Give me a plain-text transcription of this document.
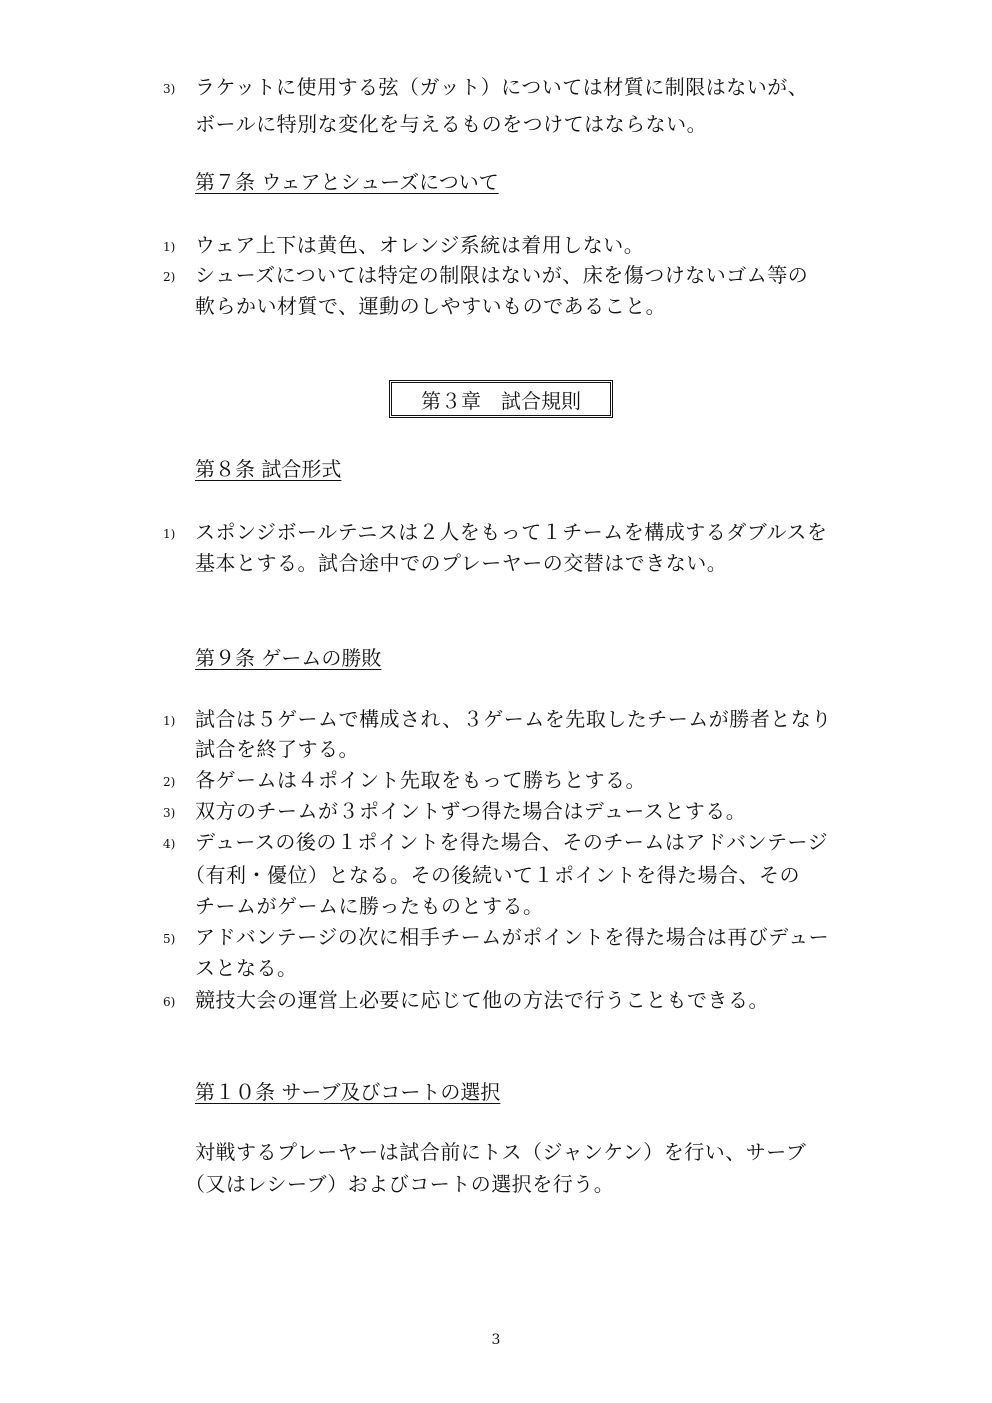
3) ラケットに使用する弦（ガット）については材質に制限はないが、
ボールに特別な変化を与えるものをつけてはならない。
第７条 ウェアとシューズについて
1) ウェア上下は黄色、オレンジ系統は着用しない。
2) シューズについては特定の制限はないが、床を傷つけないゴム等の
軟らかい材質で、運動のしやすいものであること。
第３章　試合規則
第８条 試合形式
1) スポンジボールテニスは２人をもって１チームを構成するダブルスを
基本とする。試合途中でのプレーヤーの交替はできない。
第９条 ゲームの勝敗
1) 試合は５ゲームで構成され、３ゲームを先取したチームが勝者となり
試合を終了する。
2) 各ゲームは４ポイント先取をもって勝ちとする。
3) 双方のチームが３ポイントずつ得た場合はデュースとする。
4) デュースの後の１ポイントを得た場合、そのチームはアドバンテージ
（有利・優位）となる。その後続いて１ポイントを得た場合、その
チームがゲームに勝ったものとする。
5) アドバンテージの次に相手チームがポイントを得た場合は再びデュー
スとなる。
6) 競技大会の運営上必要に応じて他の方法で行うこともできる。
第１０条 サーブ及びコートの選択
対戦するプレーヤーは試合前にトス（ジャンケン）を行い、サーブ
（又はレシーブ）およびコートの選択を行う。
3
